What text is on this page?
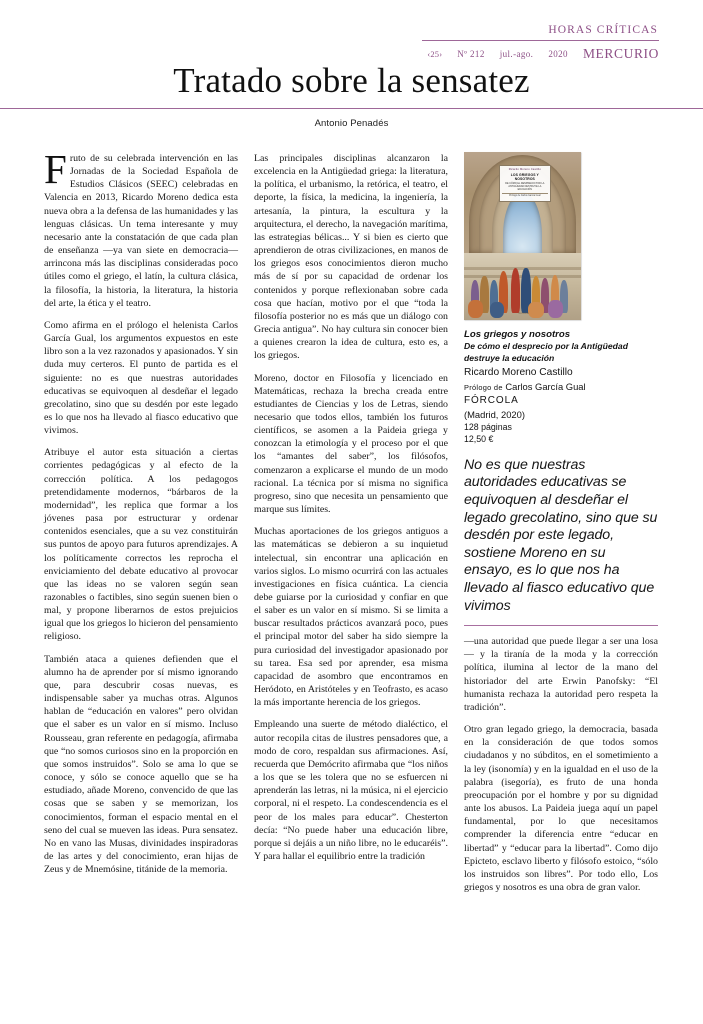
HORAS CRÍTICAS
‹25› Nº 212 jul.-ago. 2020 MERCURIO
Tratado sobre la sensatez
Antonio Penadés

Fruto de su celebrada intervención en las Jornadas de la Sociedad Española de Estudios Clásicos (SEEC) celebradas en Valencia en 2013, Ricardo Moreno dedica esta nueva obra a la defensa de las humanidades y las lenguas clásicas. Un tema interesante y muy necesario ante la constatación de que cada plan de enseñanza —ya van siete en democracia— arrincona más las disciplinas consideradas poco útiles como el griego, el latín, la cultura clásica, la filosofía, la historia, la literatura, la historia del arte, la ética y el teatro.

Como afirma en el prólogo el helenista Carlos García Gual, los argumentos expuestos en este libro son a la vez razonados y apasionados. Y sin duda muy certeros. El punto de partida es el siguiente: no es que nuestras autoridades educativas se equivoquen al desdeñar el legado grecolatino, sino que su desdén por este legado es lo que nos ha llevado al fiasco educativo que vivimos.

Atribuye el autor esta situación a ciertas corrientes pedagógicas y al efecto de la corrección política. A los pedagogos pretendidamente modernos, “bárbaros de la modernidad”, les replica que formar a los jóvenes pasa por estructurar y ordenar contenidos esenciales, que a su vez constituirán sus puntos de apoyo para futuros aprendizajes. A los políticamente correctos les reprocha el enviciamiento del debate educativo al provocar que las ideas no se valoren según sean razonables o factibles, sino según suenen bien o mal, y propone liberarnos de estos prejuicios igual que los griegos lo hicieron del pensamiento religioso.

También ataca a quienes defienden que el alumno ha de aprender por sí mismo ignorando que, para descubrir cosas nuevas, es indispensable saber ya muchas otras. Algunos hablan de “educación en valores” pero olvidan que el saber es un valor en sí mismo. Incluso Rousseau, gran referente en pedagogía, afirmaba que “no somos curiosos sino en la proporción en que somos instruidos”. Solo se ama lo que se conoce, y sólo se conoce aquello que se ha estudiado, añade Moreno, convencido de que las cosas que se saben y se memorizan, los conocimientos, forman el espacio mental en el seno del cual se mueven las ideas. Pura sensatez. No en vano las Musas, divinidades inspiradoras de las artes y del conocimiento, eran hijas de Zeus y de Mnemósine, titánide de la memoria.

Las principales disciplinas alcanzaron la excelencia en la Antigüedad griega: la literatura, la política, el urbanismo, la retórica, el teatro, el deporte, la física, la medicina, la ingeniería, la artesanía, la pintura, la escultura y la arquitectura, el derecho, la navegación marítima, las estrategias bélicas... Y si bien es cierto que aprendieron de otras civilizaciones, en manos de los griegos esos conocimientos dieron mucho más de sí por su capacidad de ordenar los contenidos y porque reflexionaban sobre cada cosa que hacían, motivo por el que “toda la filosofía posterior no es más que un diálogo con Grecia antigua”. No hay cultura sin conocer bien a quienes crearon la idea de cultura, esto es, a los griegos.

Moreno, doctor en Filosofía y licenciado en Matemáticas, rechaza la brecha creada entre estudiantes de Ciencias y los de Letras, siendo necesario que todos ellos, también los futuros científicos, se asomen a la Paideia griega y conozcan la etimología y el proceso por el que los “amantes del saber”, los filósofos, comenzaron a explicarse el mundo de un modo racional. La técnica por sí misma no significa progreso, sino que necesita un pensamiento que marque sus límites.

Muchas aportaciones de los griegos antiguos a las matemáticas se debieron a su inquietud intelectual, sin encontrar una aplicación en varios siglos. Lo mismo ocurrirá con las actuales investigaciones en física cuántica. La ciencia debe guiarse por la curiosidad y confiar en que el saber es un valor en sí mismo. Si se limita a buscar resultados prácticos avanzará poco, pues el principal motor del saber ha sido siempre la pura curiosidad del investigador apasionado por su tarea. Esa sed por aprender, esa misma capacidad de asombro que encontramos en Heródoto, en Aristóteles y en Teofrasto, es acaso la más importante herencia de los griegos.

Empleando una suerte de método dialéctico, el autor recopila citas de ilustres pensadores que, a modo de coro, respaldan sus afirmaciones. Así, recuerda que Demócrito afirmaba que “los niños a los que se les tolera que no se esfuercen ni aprenderán las letras, ni la música, ni el ejercicio corporal, ni el respeto. La condescendencia es el peor de los males para educar”. Chesterton decía: “No puede haber una educación libre, porque si dejáis a un niño libre, no le educaréis”. Y para hallar el equilibrio entre la tradición

Ricardo Moreno Castillo
LOS GRIEGOS Y NOSOTROS
DE CÓMO EL DESPRECIO POR LA ANTIGÜEDAD DESTRUYE LA EDUCACIÓN
Prólogo de Carlos García Gual
Fórcola
Los griegos y nosotros
De cómo el desprecio por la Antigüedad destruye la educación
Ricardo Moreno Castillo
Prólogo de Carlos García Gual
FÓRCOLA
(Madrid, 2020)
128 páginas
12,50 €
No es que nuestras autoridades educativas se equivoquen al desdeñar el legado grecolatino, sino que su desdén por este legado, sostiene Moreno en su ensayo, es lo que nos ha llevado al fiasco educativo que vivimos

—una autoridad que puede llegar a ser una losa— y la tiranía de la moda y la corrección política, ilumina al lector de la mano del historiador del arte Erwin Panofsky: “El humanista rechaza la autoridad pero respeta la tradición”.

Otro gran legado griego, la democracia, basada en la consideración de que todos somos ciudadanos y no súbditos, en el sometimiento a la ley (isonomía) y en la igualdad en el uso de la palabra (isegoría), es fruto de una honda preocupación por el hombre y por su dignidad ante los abusos. La Paideia juega aquí un papel fundamental, por lo que necesitamos comprender la diferencia entre “educar en libertad” y “educar para la libertad”. Como dijo Epicteto, esclavo liberto y filósofo estoico, “sólo los instruidos son libres”. Por todo ello, Los griegos y nosotros es una obra de gran valor.
